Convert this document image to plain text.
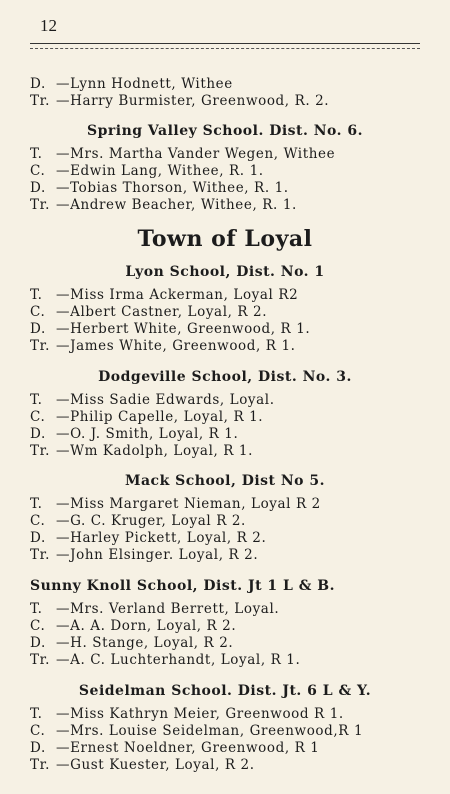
12
D. —Lynn Hodnett, Withee
Tr. —Harry Burmister, Greenwood, R. 2.
Spring Valley School. Dist. No. 6.
T. —Mrs. Martha Vander Wegen, Withee
C. —Edwin Lang, Withee, R. 1.
D. —Tobias Thorson, Withee, R. 1.
Tr. —Andrew Beacher, Withee, R. 1.
Town of Loyal
Lyon School, Dist. No. 1
T. —Miss Irma Ackerman, Loyal R2
C. —Albert Castner, Loyal, R 2.
D. —Herbert White, Greenwood, R 1.
Tr. —James White, Greenwood, R 1.
Dodgeville School, Dist. No. 3.
T. —Miss Sadie Edwards, Loyal.
C. —Philip Capelle, Loyal, R 1.
D. —O. J. Smith, Loyal, R 1.
Tr. —Wm Kadolph, Loyal, R 1.
Mack School, Dist No 5.
T. —Miss Margaret Nieman, Loyal R 2
C. —G. C. Kruger, Loyal R 2.
D. —Harley Pickett, Loyal, R 2.
Tr. —John Elsinger. Loyal, R 2.
Sunny Knoll School, Dist. Jt 1 L & B.
T. —Mrs. Verland Berrett, Loyal.
C. —A. A. Dorn, Loyal, R 2.
D. —H. Stange, Loyal, R 2.
Tr. —A. C. Luchterhandt, Loyal, R 1.
Seidelman School. Dist. Jt. 6 L & Y.
T. —Miss Kathryn Meier, Greenwood R 1.
C. —Mrs. Louise Seidelman, Greenwood,R 1
D. —Ernest Noeldner, Greenwood, R 1
Tr. —Gust Kuester, Loyal, R 2.
